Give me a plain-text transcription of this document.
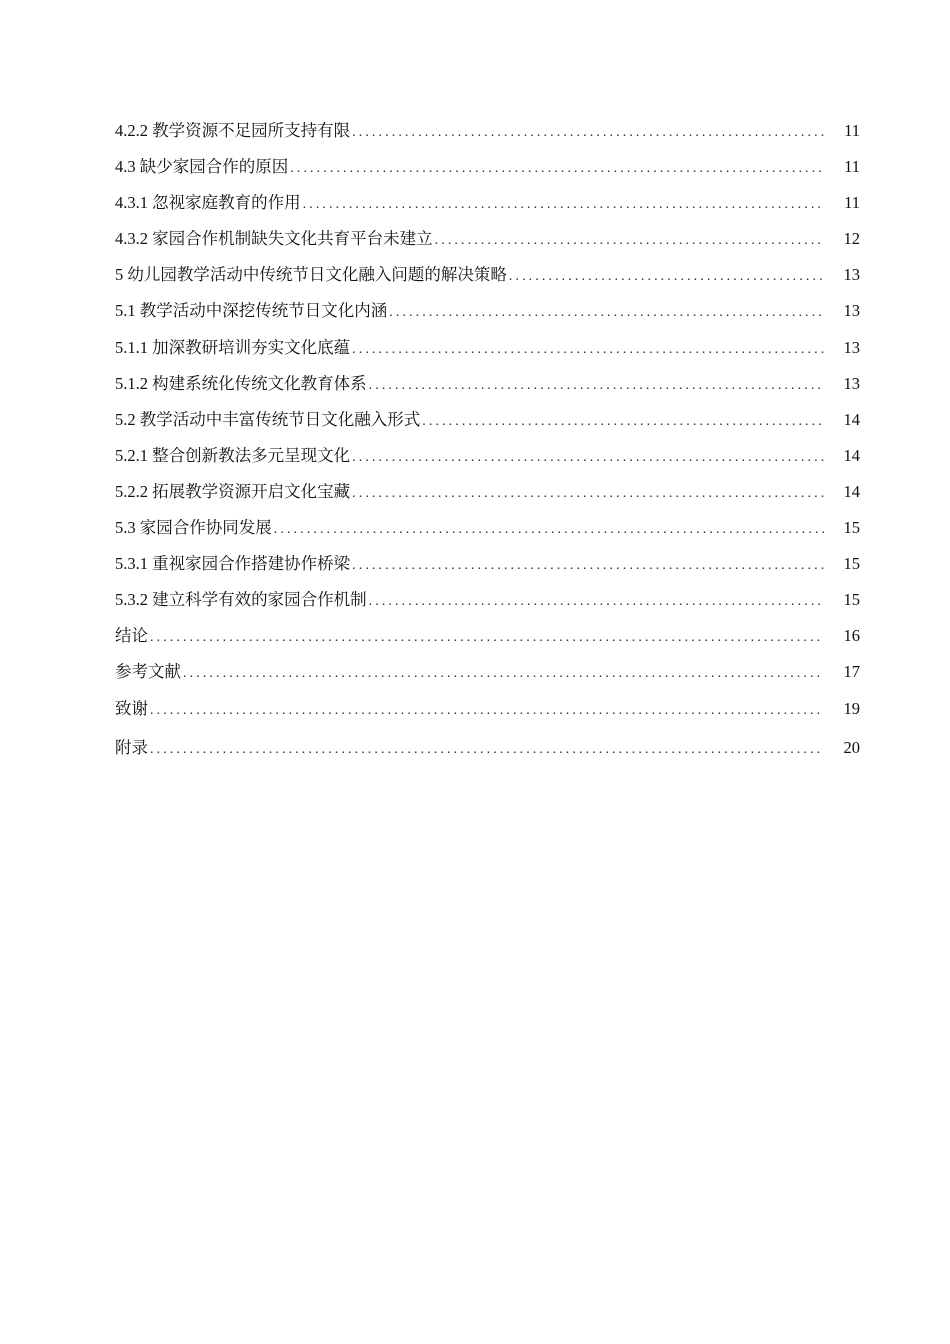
4.2.2 教学资源不足园所支持有限 .....	11
4.3 缺少家园合作的原因 .....	11
4.3.1 忽视家庭教育的作用 .....	11
4.3.2 家园合作机制缺失文化共育平台未建立 .....	12
5 幼儿园教学活动中传统节日文化融入问题的解决策略 .....	13
5.1 教学活动中深挖传统节日文化内涵 .....	13
5.1.1 加深教研培训夯实文化底蕴 .....	13
5.1.2 构建系统化传统文化教育体系 .....	13
5.2 教学活动中丰富传统节日文化融入形式 .....	14
5.2.1 整合创新教法多元呈现文化 .....	14
5.2.2 拓展教学资源开启文化宝藏 .....	14
5.3 家园合作协同发展 .....	15
5.3.1 重视家园合作搭建协作桥梁 .....	15
5.3.2 建立科学有效的家园合作机制 .....	15
结论 .....	16
参考文献 .....	17
致谢 .....	19
附录 .....	20
